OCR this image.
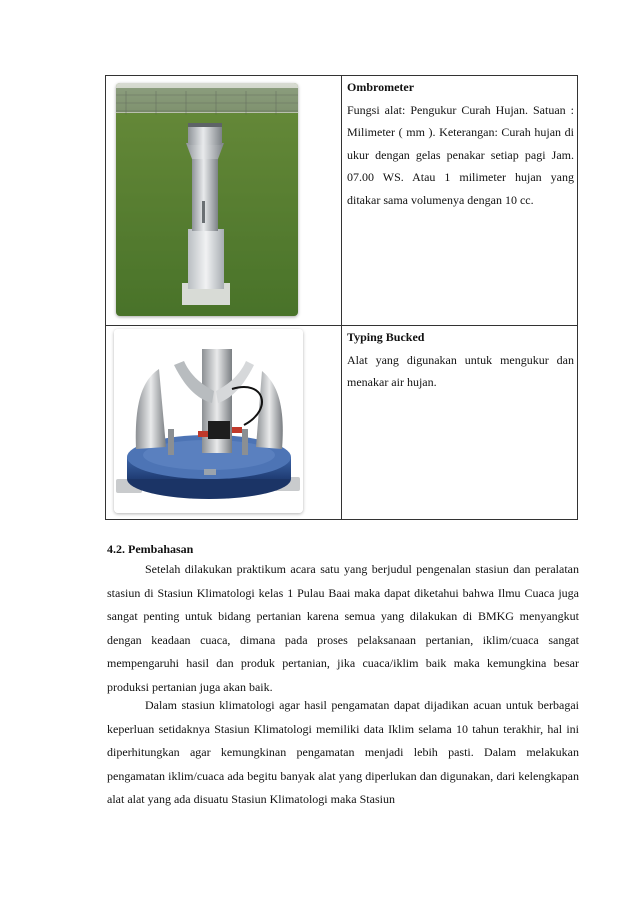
Ombrometer
Fungsi alat: Pengukur Curah Hujan. Satuan : Milimeter ( mm ). Keterangan: Curah hujan di ukur dengan gelas penakar setiap pagi Jam. 07.00 WS. Atau 1 milimeter hujan yang ditakar sama volumenya dengan 10 cc.
Typing Bucked
Alat yang digunakan untuk mengukur dan menakar air hujan.
4.2. Pembahasan

Setelah dilakukan praktikum acara satu yang berjudul pengenalan stasiun dan peralatan stasiun di Stasiun Klimatologi kelas 1 Pulau Baai maka dapat diketahui bahwa Ilmu Cuaca juga sangat penting untuk bidang pertanian karena semua yang dilakukan di BMKG menyangkut dengan keadaan cuaca, dimana pada proses pelaksanaan pertanian, iklim/cuaca sangat mempengaruhi hasil dan produk pertanian, jika cuaca/iklim baik maka kemungkina besar produksi pertanian juga akan baik.

Dalam stasiun klimatologi agar hasil pengamatan dapat dijadikan acuan untuk berbagai keperluan setidaknya Stasiun Klimatologi memiliki data Iklim selama 10 tahun terakhir, hal ini diperhitungkan agar kemungkinan pengamatan menjadi lebih pasti. Dalam melakukan pengamatan iklim/cuaca ada begitu banyak alat yang diperlukan dan digunakan, dari kelengkapan alat alat yang ada disuatu Stasiun Klimatologi maka Stasiun
